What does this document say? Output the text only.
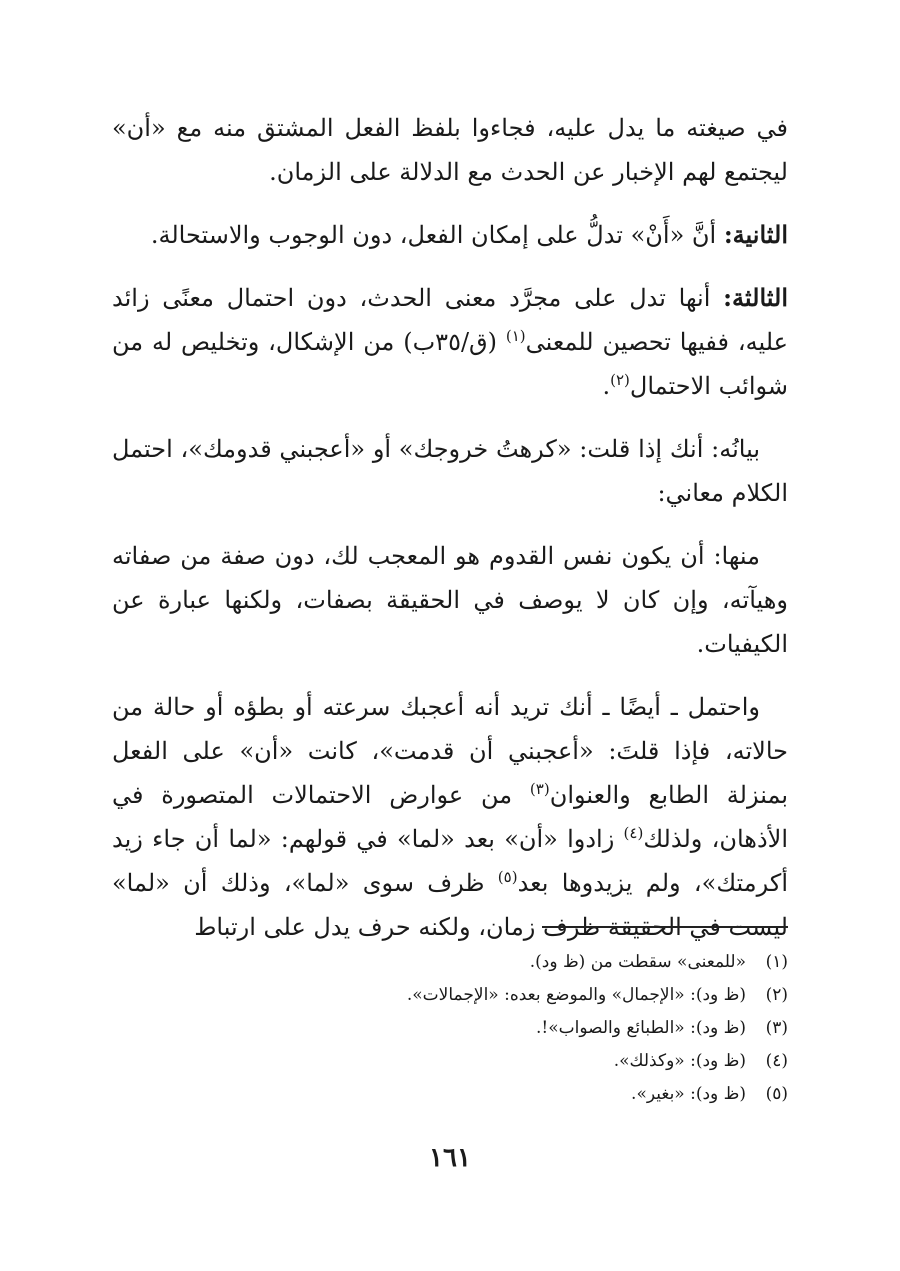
في صيغته ما يدل عليه، فجاءوا بلفظ الفعل المشتق منه مع «أن» ليجتمع لهم الإخبار عن الحدث مع الدلالة على الزمان.

الثانية: أنَّ «أَنْ» تدلُّ على إمكان الفعل، دون الوجوب والاستحالة.

الثالثة: أنها تدل على مجرَّد معنى الحدث، دون احتمال معنًى زائد عليه، ففيها تحصين للمعنى$^{(١)}$ (ق/٣٥ب) من الإشكال، وتخليص له من شوائب الاحتمال$^{(٢)}$.

بيانُه: أنك إذا قلت: «كرهتُ خروجك» أو «أعجبني قدومك»، احتمل الكلام معاني:

منها: أن يكون نفس القدوم هو المعجب لك، دون صفة من صفاته وهيآته، وإن كان لا يوصف في الحقيقة بصفات، ولكنها عبارة عن الكيفيات.

واحتمل ـ أيضًا ـ أنك تريد أنه أعجبك سرعته أو بطؤه أو حالة من حالاته، فإذا قلتَ: «أعجبني أن قدمت»، كانت «أن» على الفعل بمنزلة الطابع والعنوان$^{(٣)}$ من عوارض الاحتمالات المتصورة في الأذهان، ولذلك$^{(٤)}$ زادوا «أن» بعد «لما» في قولهم: «لما أن جاء زيد أكرمتك»، ولم يزيدوها بعد$^{(٥)}$ ظرف سوى «لما»، وذلك أن «لما» ليست في الحقيقة ظرف زمان، ولكنه حرف يدل على ارتباط

(١)
«للمعنى» سقطت من (ظ ود).
(٢)
(ظ ود): «الإجمال» والموضع بعده: «الإجمالات».
(٣)
(ظ ود): «الطبائع والصواب»!.
(٤)
(ظ ود): «وكذلك».
(٥)
(ظ ود): «بغير».
١٦١
